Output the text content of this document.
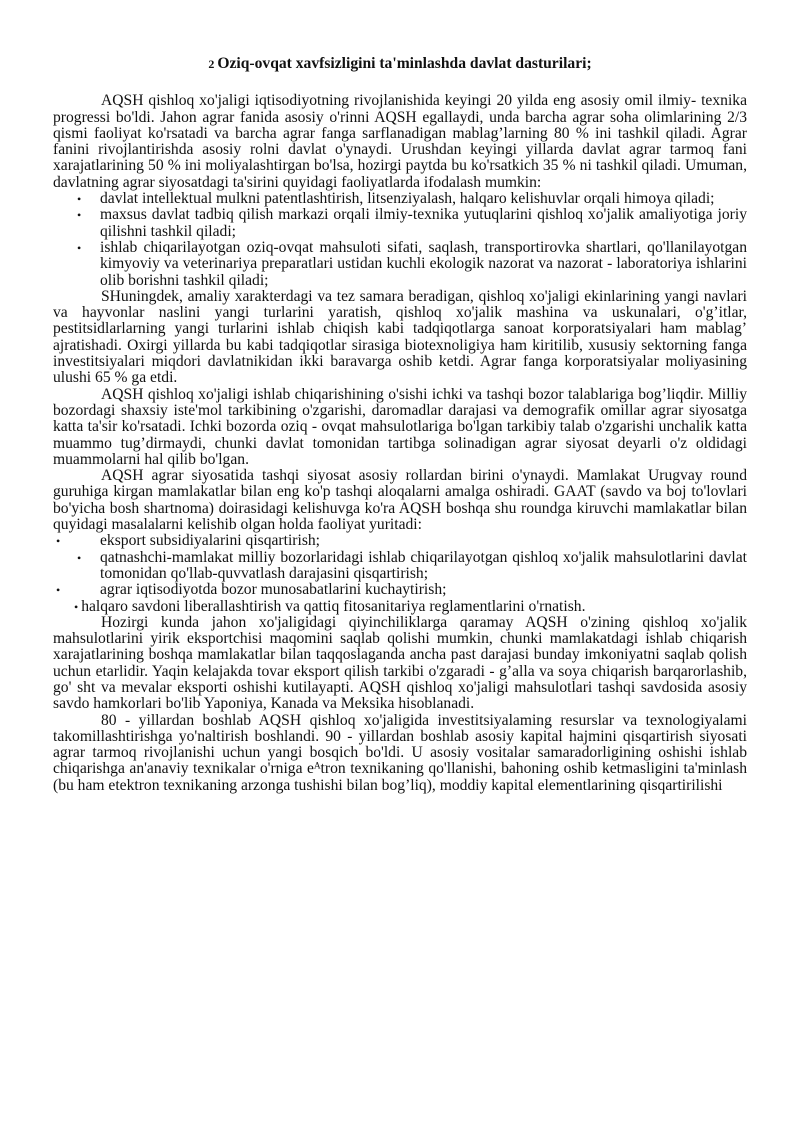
2 Oziq-ovqat xavfsizligini ta'minlashda davlat dasturilari;

AQSH qishloq xo'jaligi iqtisodiyotning rivojlanishida keyingi 20 yilda eng asosiy omil ilmiy- texnika progressi bo'ldi. Jahon agrar fanida asosiy o'rinni AQSH egallaydi, unda barcha agrar soha olimlarining 2/3 qismi faoliyat ko'rsatadi va barcha agrar fanga sarflanadigan mablag’larning 80 % ini tashkil qiladi. Agrar fanini rivojlantirishda asosiy rolni davlat o'ynaydi. Urushdan keyingi yillarda davlat agrar tarmoq fani xarajatlarining 50 % ini moliyalashtirgan bo'lsa, hozirgi paytda bu ko'rsatkich 35 % ni tashkil qiladi. Umuman, davlatning agrar siyosatdagi ta'sirini quyidagi faoliyatlarda ifodalash mumkin:

• davlat intellektual mulkni patentlashtirish, litsenziyalash, halqaro kelishuvlar orqali himoya qiladi;
• maxsus davlat tadbiq qilish markazi orqali ilmiy-texnika yutuqlarini qishloq xo'jalik amaliyotiga joriy qilishni tashkil qiladi;
• ishlab chiqarilayotgan oziq-ovqat mahsuloti sifati, saqlash, transportirovka shartlari, qo'llanilayotgan kimyoviy va veterinariya preparatlari ustidan kuchli ekologik nazorat va nazorat - laboratoriya ishlarini olib borishni tashkil qiladi;

SHuningdek, amaliy xarakterdagi va tez samara beradigan, qishloq xo'jaligi ekinlarining yangi navlari va hayvonlar naslini yangi turlarini yaratish, qishloq xo'jalik mashina va uskunalari, o'g’itlar, pestitsidlarlarning yangi turlarini ishlab chiqish kabi tadqiqotlarga sanoat korporatsiyalari ham mablag’ ajratishadi. Oxirgi yillarda bu kabi tadqiqotlar sirasiga biotexnoligiya ham kiritilib, xususiy sektorning fanga investitsiyalari miqdori davlatnikidan ikki baravarga oshib ketdi. Agrar fanga korporatsiyalar moliyasining ulushi 65 % ga etdi.

AQSH qishloq xo'jaligi ishlab chiqarishining o'sishi ichki va tashqi bozor talablariga bog’liqdir. Milliy bozordagi shaxsiy iste'mol tarkibining o'zgarishi, daromadlar darajasi va demografik omillar agrar siyosatga katta ta'sir ko'rsatadi. Ichki bozorda oziq - ovqat mahsulotlariga bo'lgan tarkibiy talab o'zgarishi unchalik katta muammo tug’dirmaydi, chunki davlat tomonidan tartibga solinadigan agrar siyosat deyarli o'z oldidagi muammolarni hal qilib bo'lgan.

AQSH agrar siyosatida tashqi siyosat asosiy rollardan birini o'ynaydi. Mamlakat Urugvay round guruhiga kirgan mamlakatlar bilan eng ko'p tashqi aloqalarni amalga oshiradi. GAAT (savdo va boj to'lovlari bo'yicha bosh shartnoma) doirasidagi kelishuvga ko'ra AQSH boshqa shu roundga kiruvchi mamlakatlar bilan quyidagi masalalarni kelishib olgan holda faoliyat yuritadi:

•	eksport subsidiyalarini qisqartirish;
• qatnashchi-mamlakat milliy bozorlaridagi ishlab chiqarilayotgan qishloq xo'jalik mahsulotlarini davlat tomonidan qo'llab-quvvatlash darajasini qisqartirish;
•	agrar iqtisodiyotda bozor munosabatlarini kuchaytirish;
• halqaro savdoni liberallashtirish va qattiq fitosanitariya reglamentlarini o'rnatish.

Hozirgi kunda jahon xo'jaligidagi qiyinchiliklarga qaramay AQSH o'zining qishloq xo'jalik mahsulotlarini yirik eksportchisi maqomini saqlab qolishi mumkin, chunki mamlakatdagi ishlab chiqarish xarajatlarining boshqa mamlakatlar bilan taqqoslaganda ancha past darajasi bunday imkoniyatni saqlab qolish uchun etarlidir. Yaqin kelajakda tovar eksport qilish tarkibi o'zgaradi - g’alla va soya chiqarish barqarorlashib, go' sht va mevalar eksporti oshishi kutilayapti. AQSH qishloq xo'jaligi mahsulotlari tashqi savdosida asosiy savdo hamkorlari bo'lib Yaponiya, Kanada va Meksika hisoblanadi.

80 - yillardan boshlab AQSH qishloq xo'jaligida investitsiyalaming resurslar va texnologiyalami takomillashtirishga yo'naltirish boshlandi. 90 - yillardan boshlab asosiy kapital hajmini qisqartirish siyosati agrar tarmoq rivojlanishi uchun yangi bosqich bo'ldi. U asosiy vositalar samaradorligining oshishi ishlab chiqarishga an'anaviy texnikalar o'rniga eᴬtron texnikaning qo'llanishi, bahoning oshib ketmasligini ta'minlash (bu ham etektron texnikaning arzonga tushishi bilan bog’liq), moddiy kapital elementlarining qisqartirilishi
